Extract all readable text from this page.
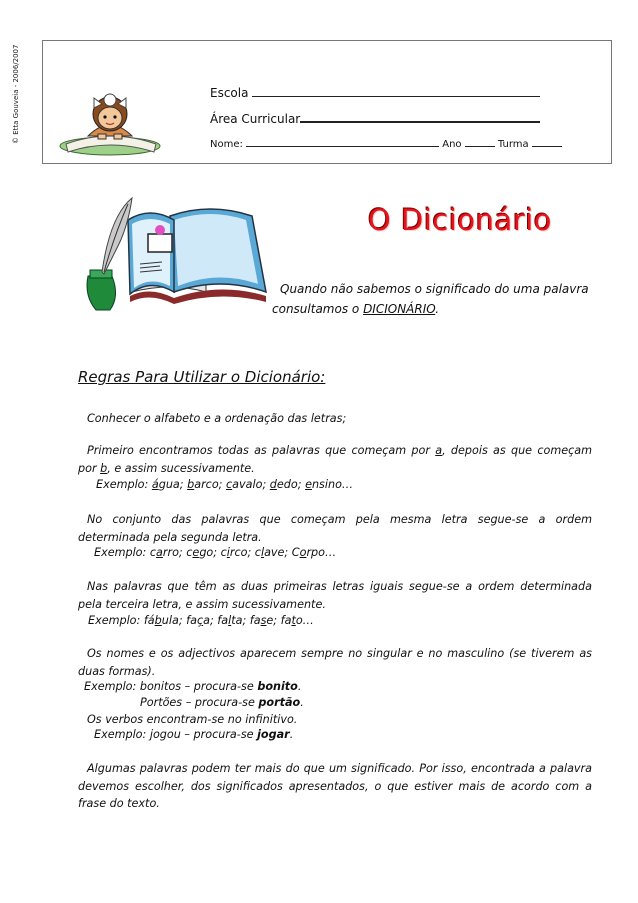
© Etta Gouveia - 2006/2007	Escola
Área Curricular
Nome:	Ano	Turma
O Dicionário
Quando não sabemos o significado do uma palavra
consultamos o DICIONÁRIO.
Regras Para Utilizar o Dicionário:
Conhecer o alfabeto e a ordenação das letras;
Primeiro encontramos todas as palavras que começam por a, depois as que começam por b, e assim sucessivamente.
Exemplo: água; barco; cavalo; dedo; ensino…
No conjunto das palavras que começam pela mesma letra segue-se a ordem determinada pela segunda letra.
Exemplo: carro; cego; circo; clave; Corpo…
Nas palavras que têm as duas primeiras letras iguais segue-se a ordem determinada pela terceira letra, e assim sucessivamente.
Exemplo: fábula; faça; falta; fase; fato…
Os nomes e os adjectivos aparecem sempre no singular e no masculino (se tiverem as duas formas).
Exemplo: bonitos – procura-se bonito.
Portões – procura-se portão.
Os verbos encontram-se no infinitivo.
Exemplo: jogou – procura-se jogar.
Algumas palavras podem ter mais do que um significado. Por isso, encontrada a palavra devemos escolher, dos significados apresentados, o que estiver mais de acordo com a frase do texto.
